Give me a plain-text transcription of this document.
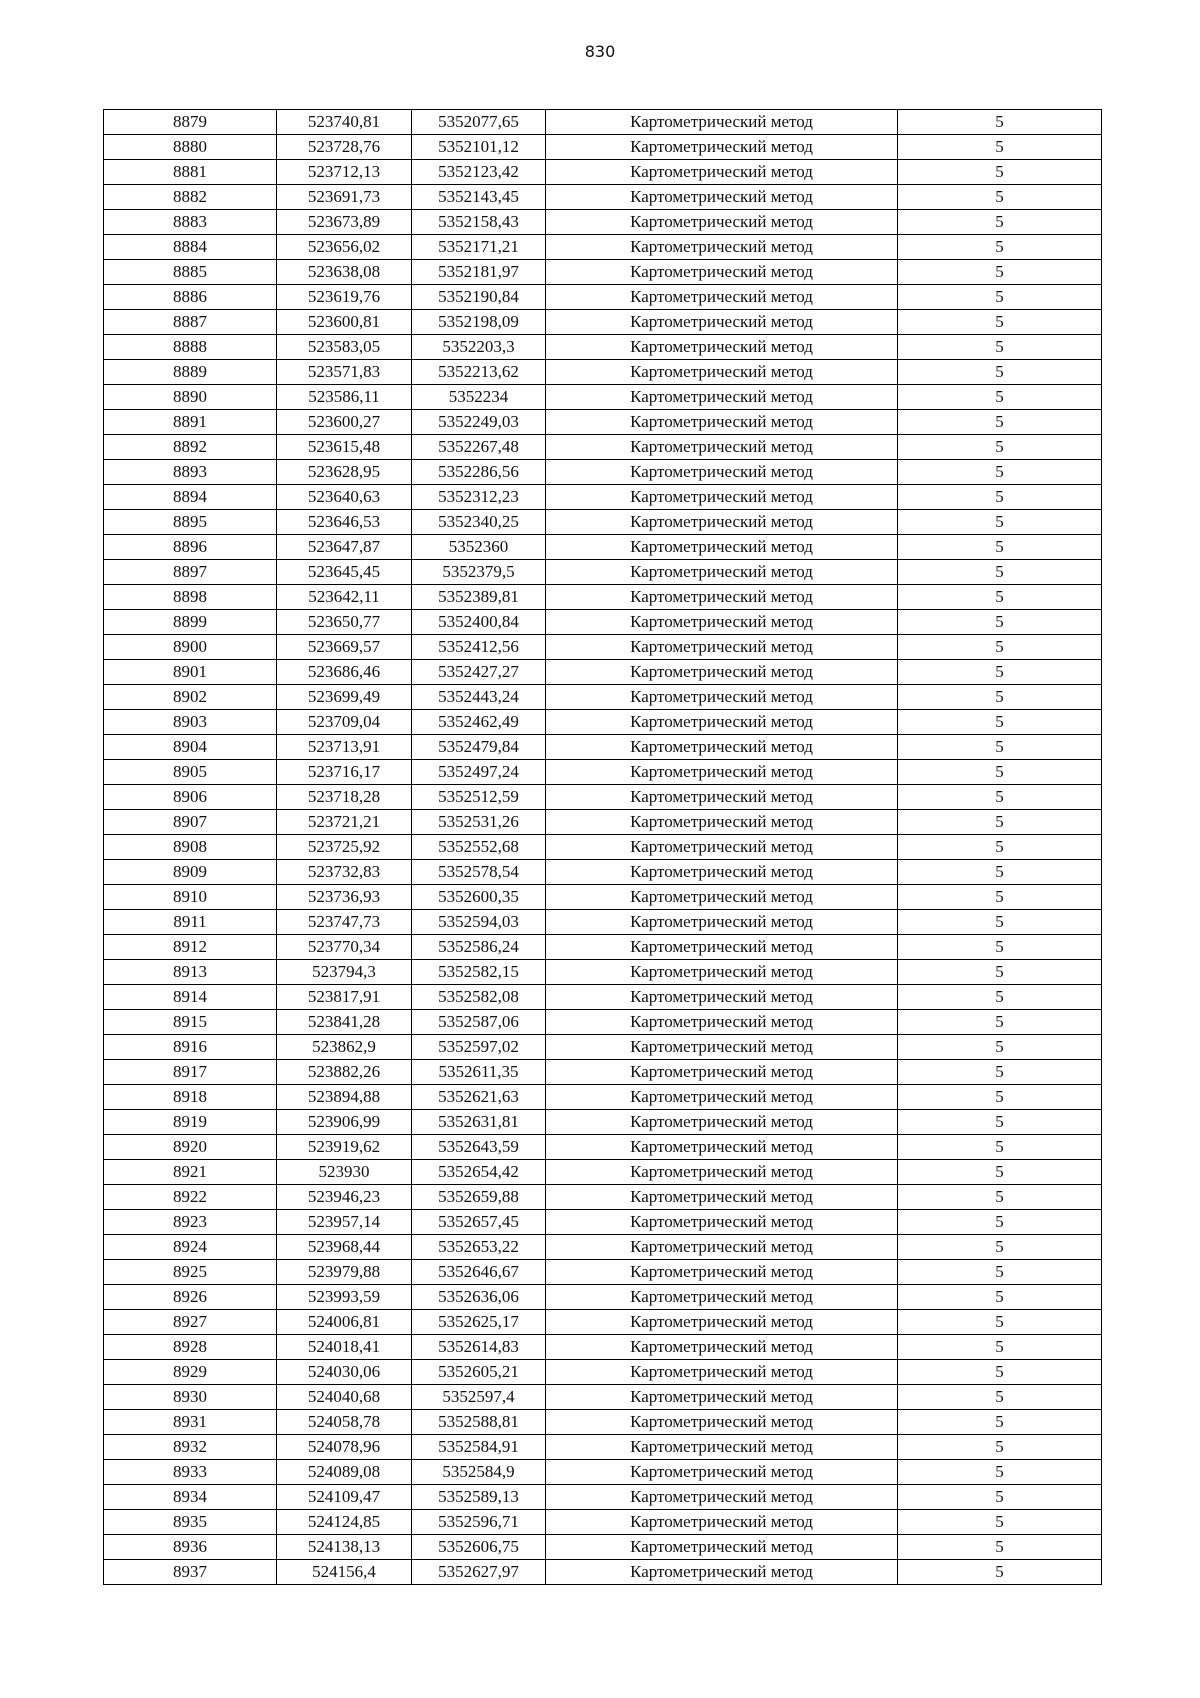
830
8879	523740,81	5352077,65	Картометрический метод	5
8880	523728,76	5352101,12	Картометрический метод	5
8881	523712,13	5352123,42	Картометрический метод	5
8882	523691,73	5352143,45	Картометрический метод	5
8883	523673,89	5352158,43	Картометрический метод	5
8884	523656,02	5352171,21	Картометрический метод	5
8885	523638,08	5352181,97	Картометрический метод	5
8886	523619,76	5352190,84	Картометрический метод	5
8887	523600,81	5352198,09	Картометрический метод	5
8888	523583,05	5352203,3	Картометрический метод	5
8889	523571,83	5352213,62	Картометрический метод	5
8890	523586,11	5352234	Картометрический метод	5
8891	523600,27	5352249,03	Картометрический метод	5
8892	523615,48	5352267,48	Картометрический метод	5
8893	523628,95	5352286,56	Картометрический метод	5
8894	523640,63	5352312,23	Картометрический метод	5
8895	523646,53	5352340,25	Картометрический метод	5
8896	523647,87	5352360	Картометрический метод	5
8897	523645,45	5352379,5	Картометрический метод	5
8898	523642,11	5352389,81	Картометрический метод	5
8899	523650,77	5352400,84	Картометрический метод	5
8900	523669,57	5352412,56	Картометрический метод	5
8901	523686,46	5352427,27	Картометрический метод	5
8902	523699,49	5352443,24	Картометрический метод	5
8903	523709,04	5352462,49	Картометрический метод	5
8904	523713,91	5352479,84	Картометрический метод	5
8905	523716,17	5352497,24	Картометрический метод	5
8906	523718,28	5352512,59	Картометрический метод	5
8907	523721,21	5352531,26	Картометрический метод	5
8908	523725,92	5352552,68	Картометрический метод	5
8909	523732,83	5352578,54	Картометрический метод	5
8910	523736,93	5352600,35	Картометрический метод	5
8911	523747,73	5352594,03	Картометрический метод	5
8912	523770,34	5352586,24	Картометрический метод	5
8913	523794,3	5352582,15	Картометрический метод	5
8914	523817,91	5352582,08	Картометрический метод	5
8915	523841,28	5352587,06	Картометрический метод	5
8916	523862,9	5352597,02	Картометрический метод	5
8917	523882,26	5352611,35	Картометрический метод	5
8918	523894,88	5352621,63	Картометрический метод	5
8919	523906,99	5352631,81	Картометрический метод	5
8920	523919,62	5352643,59	Картометрический метод	5
8921	523930	5352654,42	Картометрический метод	5
8922	523946,23	5352659,88	Картометрический метод	5
8923	523957,14	5352657,45	Картометрический метод	5
8924	523968,44	5352653,22	Картометрический метод	5
8925	523979,88	5352646,67	Картометрический метод	5
8926	523993,59	5352636,06	Картометрический метод	5
8927	524006,81	5352625,17	Картометрический метод	5
8928	524018,41	5352614,83	Картометрический метод	5
8929	524030,06	5352605,21	Картометрический метод	5
8930	524040,68	5352597,4	Картометрический метод	5
8931	524058,78	5352588,81	Картометрический метод	5
8932	524078,96	5352584,91	Картометрический метод	5
8933	524089,08	5352584,9	Картометрический метод	5
8934	524109,47	5352589,13	Картометрический метод	5
8935	524124,85	5352596,71	Картометрический метод	5
8936	524138,13	5352606,75	Картометрический метод	5
8937	524156,4	5352627,97	Картометрический метод	5
